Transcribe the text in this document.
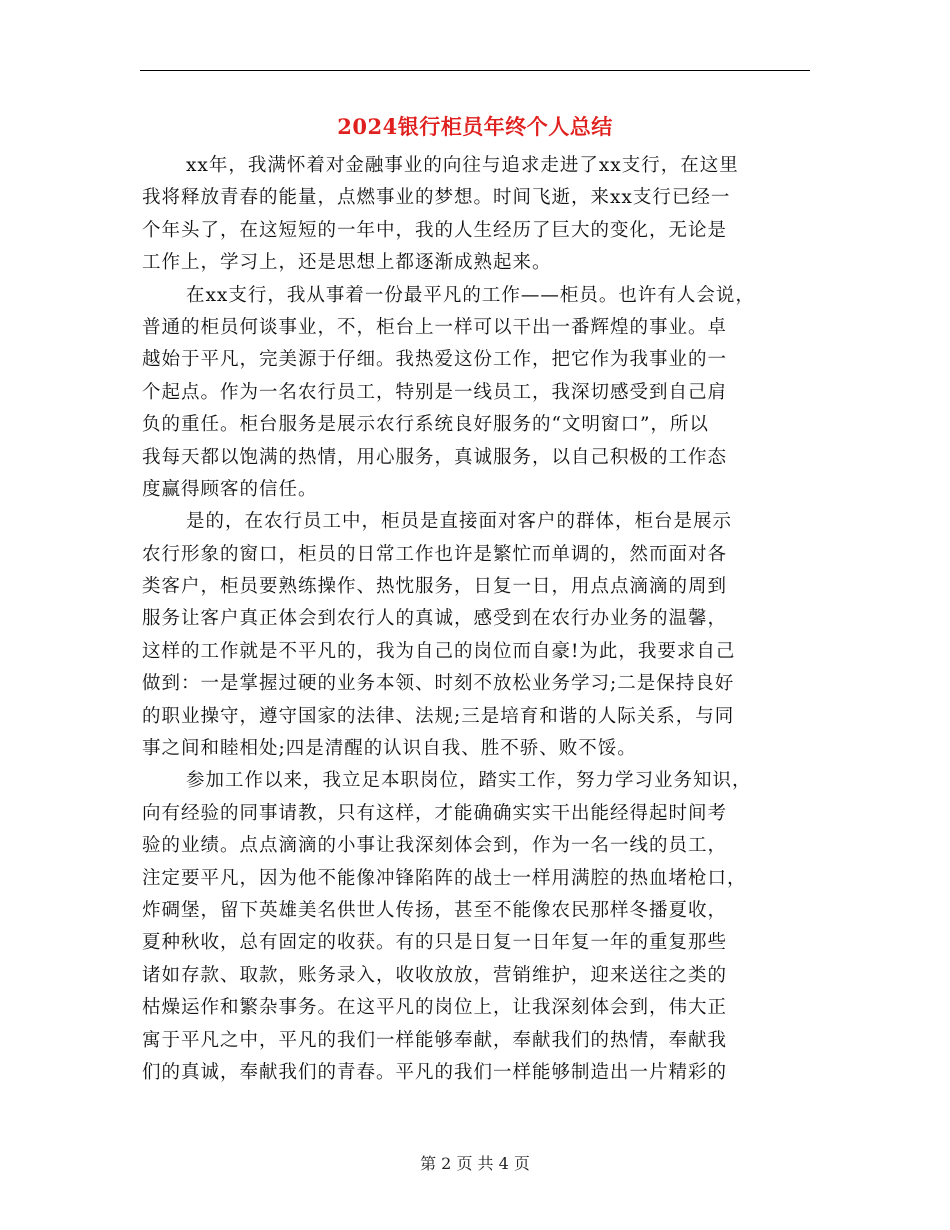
2024银行柜员年终个人总结
xx年，我满怀着对金融事业的向往与追求走进了xx支行，在这里
我将释放青春的能量，点燃事业的梦想。时间飞逝，来xx支行已经一
个年头了，在这短短的一年中，我的人生经历了巨大的变化，无论是
工作上，学习上，还是思想上都逐渐成熟起来。
在xx支行，我从事着一份最平凡的工作——柜员。也许有人会说，
普通的柜员何谈事业，不，柜台上一样可以干出一番辉煌的事业。卓
越始于平凡，完美源于仔细。我热爱这份工作，把它作为我事业的一
个起点。作为一名农行员工，特别是一线员工，我深切感受到自己肩
负的重任。柜台服务是展示农行系统良好服务的“文明窗口”，所以
我每天都以饱满的热情，用心服务，真诚服务，以自己积极的工作态
度赢得顾客的信任。
是的，在农行员工中，柜员是直接面对客户的群体，柜台是展示
农行形象的窗口，柜员的日常工作也许是繁忙而单调的，然而面对各
类客户，柜员要熟练操作、热忱服务，日复一日，用点点滴滴的周到
服务让客户真正体会到农行人的真诚，感受到在农行办业务的温馨，
这样的工作就是不平凡的，我为自己的岗位而自豪!为此，我要求自己
做到：一是掌握过硬的业务本领、时刻不放松业务学习;二是保持良好
的职业操守，遵守国家的法律、法规;三是培育和谐的人际关系，与同
事之间和睦相处;四是清醒的认识自我、胜不骄、败不馁。
参加工作以来，我立足本职岗位，踏实工作，努力学习业务知识，
向有经验的同事请教，只有这样，才能确确实实干出能经得起时间考
验的业绩。点点滴滴的小事让我深刻体会到，作为一名一线的员工，
注定要平凡，因为他不能像冲锋陷阵的战士一样用满腔的热血堵枪口，
炸碉堡，留下英雄美名供世人传扬，甚至不能像农民那样冬播夏收，
夏种秋收，总有固定的收获。有的只是日复一日年复一年的重复那些
诸如存款、取款，账务录入，收收放放，营销维护，迎来送往之类的
枯燥运作和繁杂事务。在这平凡的岗位上，让我深刻体会到，伟大正
寓于平凡之中，平凡的我们一样能够奉献，奉献我们的热情，奉献我
们的真诚，奉献我们的青春。平凡的我们一样能够制造出一片精彩的
第 2 页 共 4 页
